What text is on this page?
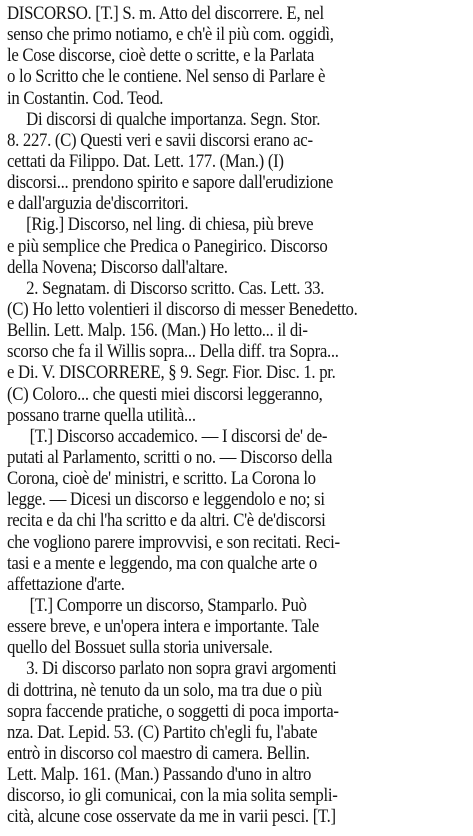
DISCORSO. [T.] S. m. Atto del discorrere. E, nel
senso che primo notiamo, e ch'è il più com. oggidì,
le Cose discorse, cioè dette o scritte, e la Parlata
o lo Scritto che le contiene. Nel senso di Parlare è
in Costantin. Cod. Teod.
Di discorsi di qualche importanza. Segn. Stor.
8. 227. (C) Questi veri e savii discorsi erano ac-
cettati da Filippo. Dat. Lett. 177. (Man.) (I)
discorsi... prendono spirito e sapore dall'erudizione
e dall'arguzia de'discorritori.
[Rig.] Discorso, nel ling. di chiesa, più breve
e più semplice che Predica o Panegirico. Discorso
della Novena; Discorso dall'altare.
2. Segnatam. di Discorso scritto. Cas. Lett. 33.
(C) Ho letto volentieri il discorso di messer Benedetto.
Bellin. Lett. Malp. 156. (Man.) Ho letto... il di-
scorso che fa il Willis sopra... Della diff. tra Sopra...
e Di. V. DISCORRERE, § 9. Segr. Fior. Disc. 1. pr.
(C) Coloro... che questi miei discorsi leggeranno,
possano trarne quella utilità...
[T.] Discorso accademico. — I discorsi de' de-
putati al Parlamento, scritti o no. — Discorso della
Corona, cioè de' ministri, e scritto. La Corona lo
legge. — Dicesi un discorso e leggendolo e no; si
recita e da chi l'ha scritto e da altri. C'è de'discorsi
che vogliono parere improvvisi, e son recitati. Reci-
tasi e a mente e leggendo, ma con qualche arte o
affettazione d'arte.
[T.] Comporre un discorso, Stamparlo. Può
essere breve, e un'opera intera e importante. Tale
quello del Bossuet sulla storia universale.
3. Di discorso parlato non sopra gravi argomenti
di dottrina, nè tenuto da un solo, ma tra due o più
sopra faccende pratiche, o soggetti di poca importa-
nza. Dat. Lepid. 53. (C) Partito ch'egli fu, l'abate
entrò in discorso col maestro di camera. Bellin.
Lett. Malp. 161. (Man.) Passando d'uno in altro
discorso, io gli comunicai, con la mia solita sempli-
cità, alcune cose osservate da me in varii pesci. [T.]
